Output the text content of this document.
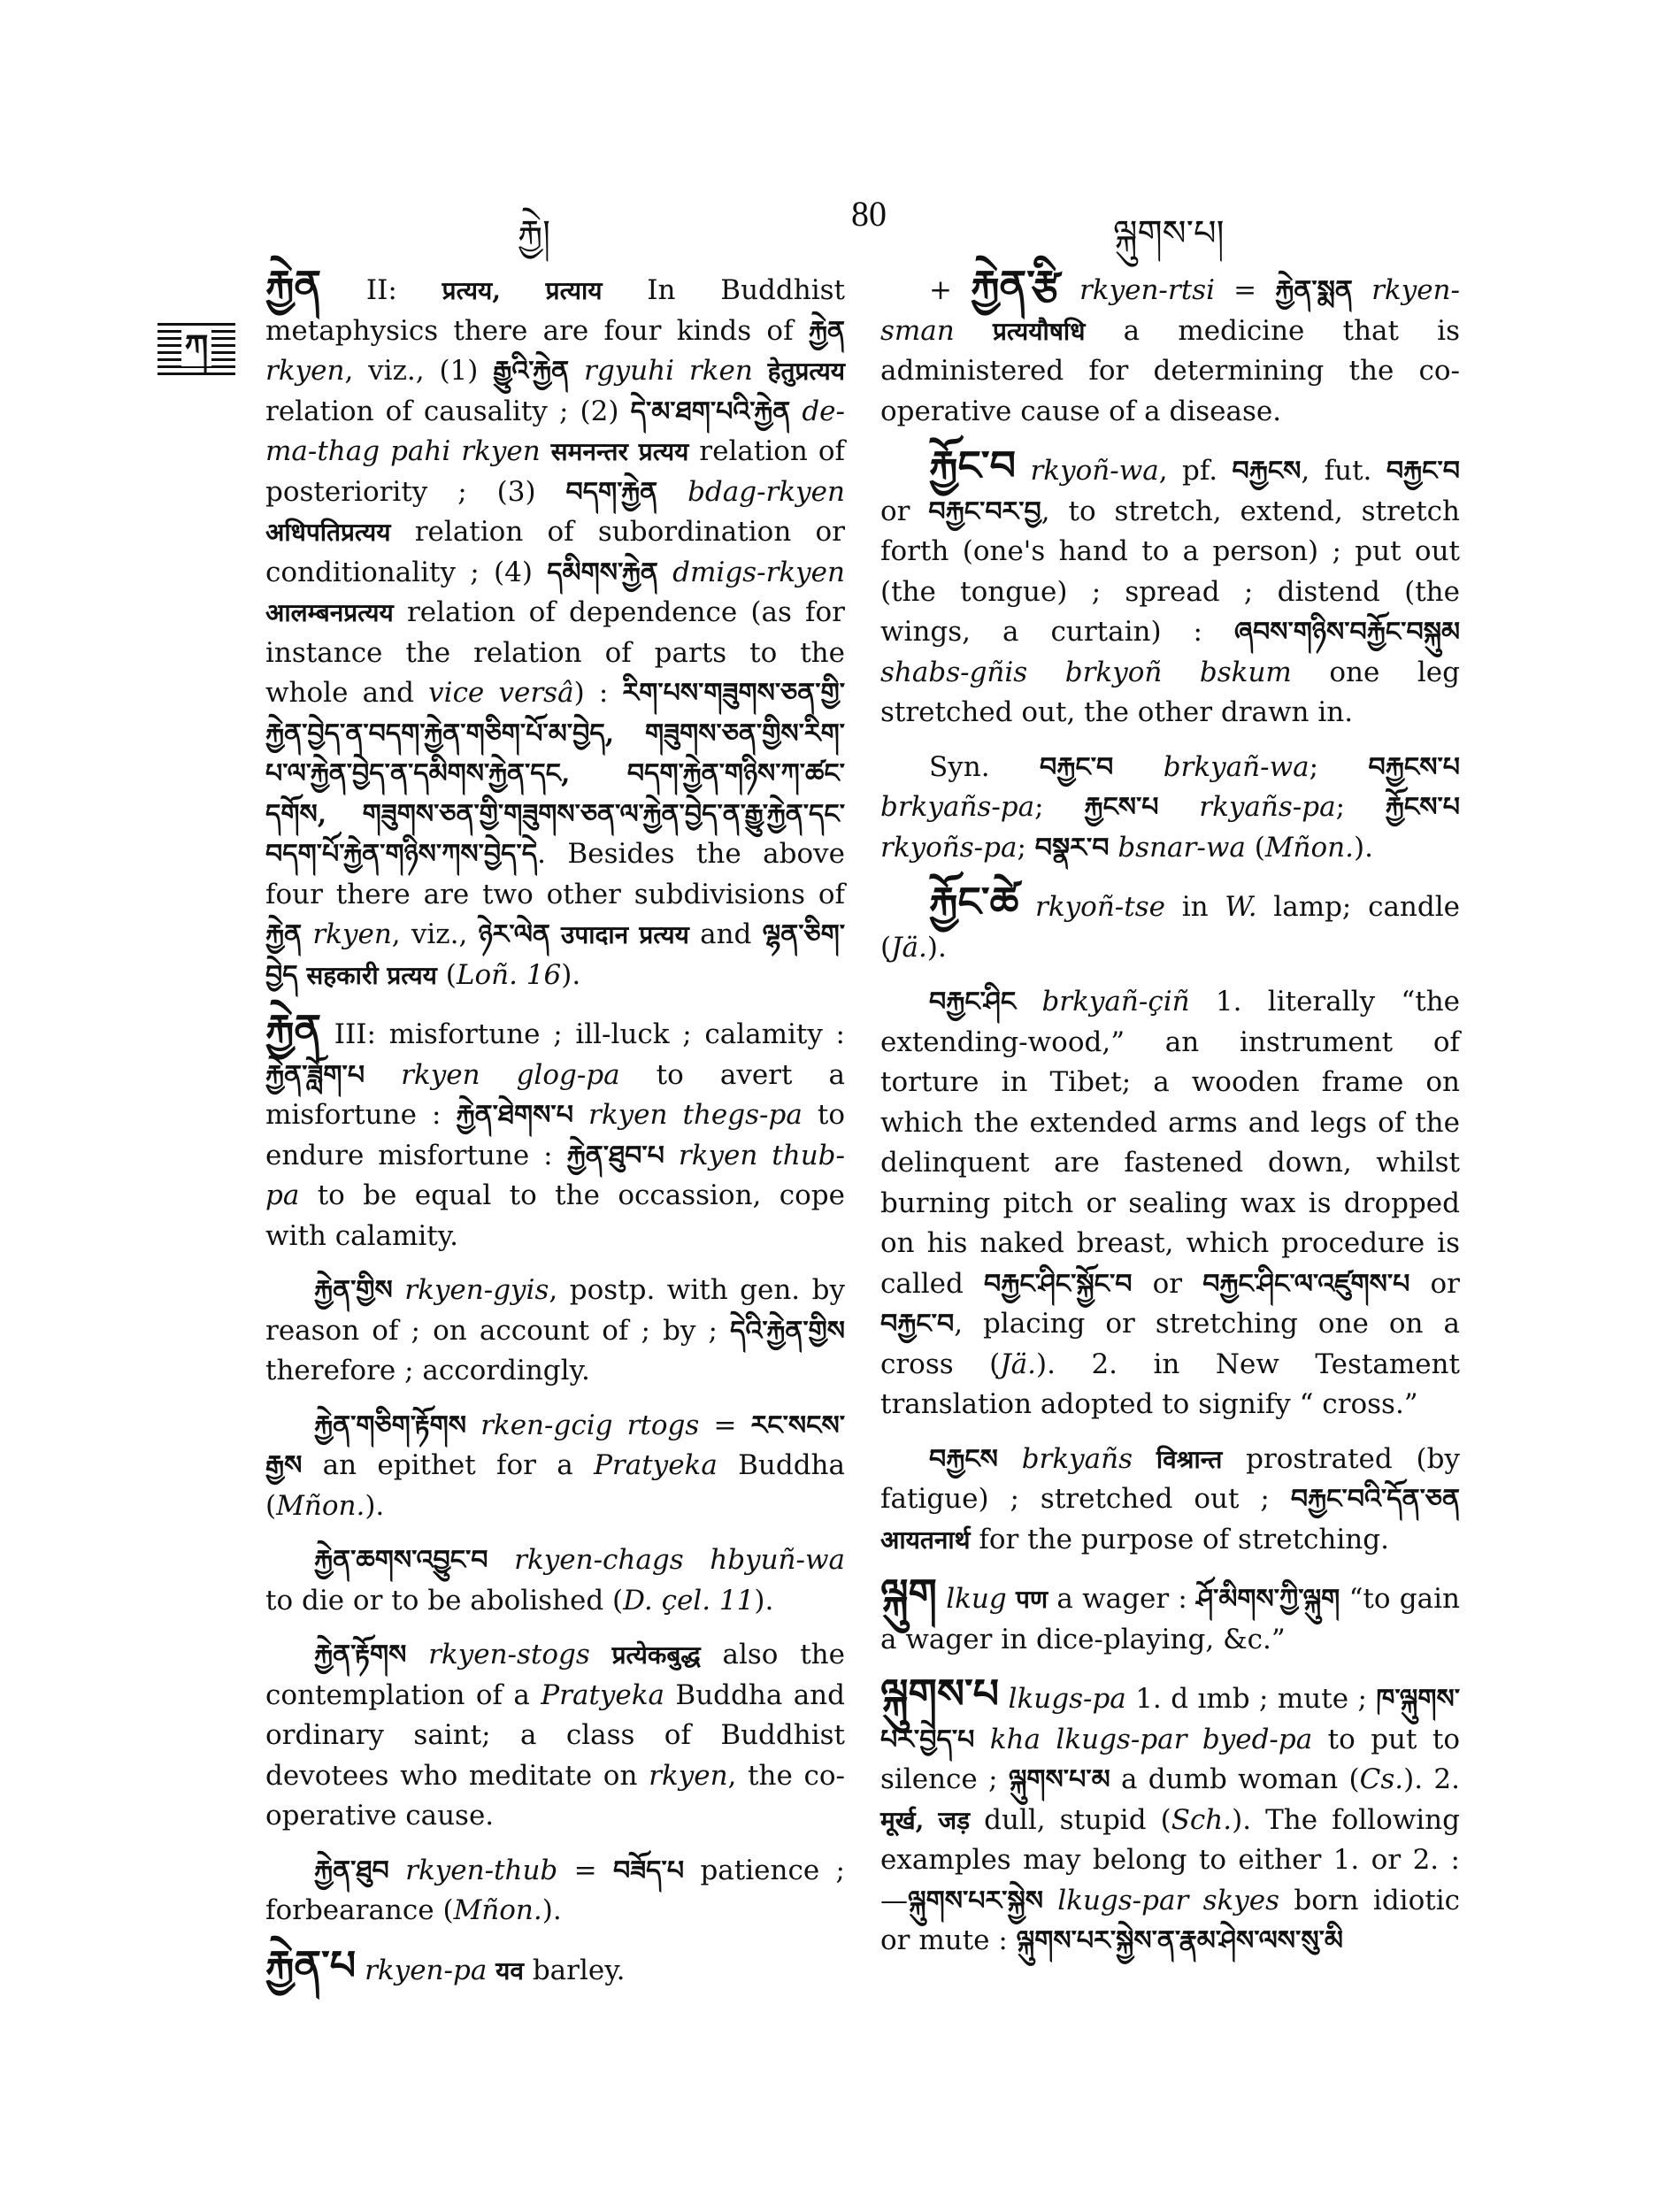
རྐྱེ།	80	ལྐུགས་པ།
ཀ

རྐྱེན II: प्रत्यय, प्रत्याय In Buddhist metaphysics there are four kinds of རྐྱེན rkyen, viz., (1) རྒྱུའི་རྐྱེན rgyuhi rken हेतुप्रत्यय relation of causality ; (2) དེ་མ་ཐག་པའི་རྐྱེན de-ma-thag pahi rkyen समनन्तर प्रत्यय relation of posteriority ; (3) བདག་རྐྱེན bdag-rkyen अधिपतिप्रत्यय relation of subordination or conditionality ; (4) དམིགས་རྐྱེན dmigs-rkyen आलम्बनप्रत्यय relation of dependence (as for instance the relation of parts to the whole and vice versâ) : རིག་པས་གཟུགས་ཅན་གྱི་རྐྱེན་བྱེད་ན་བདག་རྐྱེན་གཅིག་པོ་མ་བྱེད, གཟུགས་ཅན་གྱིས་རིག་པ་ལ་རྐྱེན་བྱེད་ན་དམིགས་རྐྱེན་དང, བདག་རྐྱེན་གཉིས་ཀ་ཚང་དགོས, གཟུགས་ཅན་གྱི་གཟུགས་ཅན་ལ་རྐྱེན་བྱེད་ན་རྒྱུ་རྐྱེན་དང་བདག་པོ་རྐྱེན་གཉིས་ཀས་བྱེད་དེ. Besides the above four there are two other subdivisions of རྐྱེན rkyen, viz., ཉེར་ལེན उपादान प्रत्यय and ལྷན་ཅིག་བྱེད सहकारी प्रत्यय (Loñ. 16).

རྐྱེན III: misfortune ; ill-luck ; calamity : རྐྱེན་ཟློག་པ rkyen glog-pa to avert a misfortune : རྐྱེན་ཐེགས་པ rkyen thegs-pa to endure misfortune : རྐྱེན་ཐུབ་པ rkyen thub-pa to be equal to the occassion, cope with calamity.

རྐྱེན་གྱིས rkyen-gyis, postp. with gen. by reason of ; on account of ; by ; དེའི་རྐྱེན་གྱིས therefore ; accordingly.

རྐྱེན་གཅིག་རྟོགས rken-gcig rtogs = རང་སངས་རྒྱས an epithet for a Pratyeka Buddha (Mñon.).

རྐྱེན་ཆགས་འབྱུང་བ rkyen-chags hbyuñ-wa to die or to be abolished (D. çel. 11).

རྐྱེན་རྟོགས rkyen-stogs प्रत्येकबुद्ध also the contemplation of a Pratyeka Buddha and ordinary saint; a class of Buddhist devotees who meditate on rkyen, the co-operative cause.

རྐྱེན་ཐུབ rkyen-thub = བཟོད་པ patience ; forbearance (Mñon.).

རྐྱེན་པ rkyen-pa यव barley.

+ རྐྱེན་རྩི rkyen-rtsi = རྐྱེན་སྨན rkyen-sman प्रत्ययौषधि a medicine that is administered for determining the co-operative cause of a disease.

རྐྱོང་བ rkyoñ-wa, pf. བརྐྱངས, fut. བརྐྱང་བ or བརྐྱང་བར་བྱ, to stretch, extend, stretch forth (one's hand to a person) ; put out (the tongue) ; spread ; distend (the wings, a curtain) : ཞབས་གཉིས་བརྐྱོང་བསྐུམ shabs-gñis brkyoñ bskum one leg stretched out, the other drawn in.

Syn. བརྐྱང་བ brkyañ-wa; བརྐྱངས་པ brkyañs-pa; རྐྱངས་པ rkyañs-pa; རྐྱོངས་པ rkyoñs-pa; བསྣར་བ bsnar-wa (Mñon.).

རྐྱོང་ཚེ rkyoñ-tse in W. lamp; candle (Jä.).

བརྐྱང་ཤིང brkyañ-çiñ 1. literally “the extending-wood,” an instrument of torture in Tibet; a wooden frame on which the extended arms and legs of the delinquent are fastened down, whilst burning pitch or sealing wax is dropped on his naked breast, which procedure is called བརྐྱང་ཤིང་སྐྱོང་བ or བརྐྱང་ཤིང་ལ་འཛུགས་པ or བརྐྱང་བ, placing or stretching one on a cross (Jä.). 2. in New Testament translation adopted to signify “ cross.”

བརྐྱངས brkyañs विश्रान्त prostrated (by fatigue) ; stretched out ; བརྐྱང་བའི་དོན་ཅན आयतनार्थ for the purpose of stretching.

ལྐུག lkug पण a wager : ཤོ་མིགས་ཀྱི་ལྐུག “to gain a wager in dice-playing, &c.”

ལྐུགས་པ lkugs-pa 1. d ımb ; mute ; ཁ་ལྐུགས་པར་བྱེད་པ kha lkugs-par byed-pa to put to silence ; ལྐུགས་པ་མ a dumb woman (Cs.). 2. मूर्ख, जड़ dull, stupid (Sch.). The following examples may belong to either 1. or 2. :—ལྐུགས་པར་སྐྱེས lkugs-par skyes born idiotic or mute : ལྐུགས་པར་སྐྱེས་ན་རྣམ་ཤེས་ལས་སུ་མི
